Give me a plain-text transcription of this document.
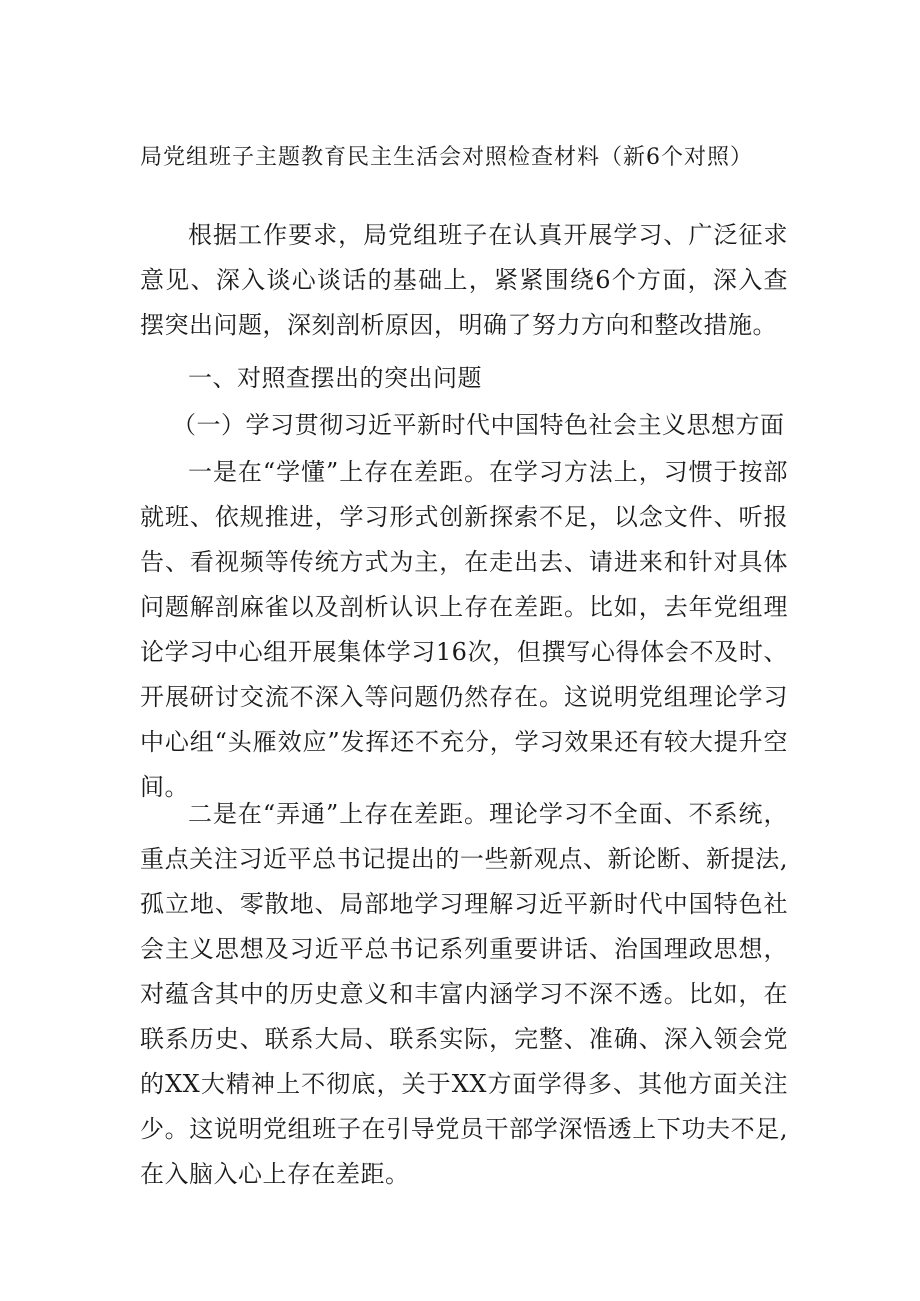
局党组班子主题教育民主生活会对照检查材料（新6个对照）
根据工作要求，局党组班子在认真开展学习、广泛征求意见、深入谈心谈话的基础上，紧紧围绕6个方面，深入查摆突出问题，深刻剖析原因，明确了努力方向和整改措施。
一、对照查摆出的突出问题
（一）学习贯彻习近平新时代中国特色社会主义思想方面
一是在“学懂”上存在差距。在学习方法上，习惯于按部就班、依规推进，学习形式创新探索不足，以念文件、听报告、看视频等传统方式为主，在走出去、请进来和针对具体问题解剖麻雀以及剖析认识上存在差距。比如，去年党组理论学习中心组开展集体学习16次，但撰写心得体会不及时、开展研讨交流不深入等问题仍然存在。这说明党组理论学习中心组“头雁效应”发挥还不充分，学习效果还有较大提升空间。
二是在“弄通”上存在差距。理论学习不全面、不系统，重点关注习近平总书记提出的一些新观点、新论断、新提法,孤立地、零散地、局部地学习理解习近平新时代中国特色社会主义思想及习近平总书记系列重要讲话、治国理政思想，对蕴含其中的历史意义和丰富内涵学习不深不透。比如，在联系历史、联系大局、联系实际，完整、准确、深入领会党的XX大精神上不彻底，关于XX方面学得多、其他方面关注少。这说明党组班子在引导党员干部学深悟透上下功夫不足,在入脑入心上存在差距。
